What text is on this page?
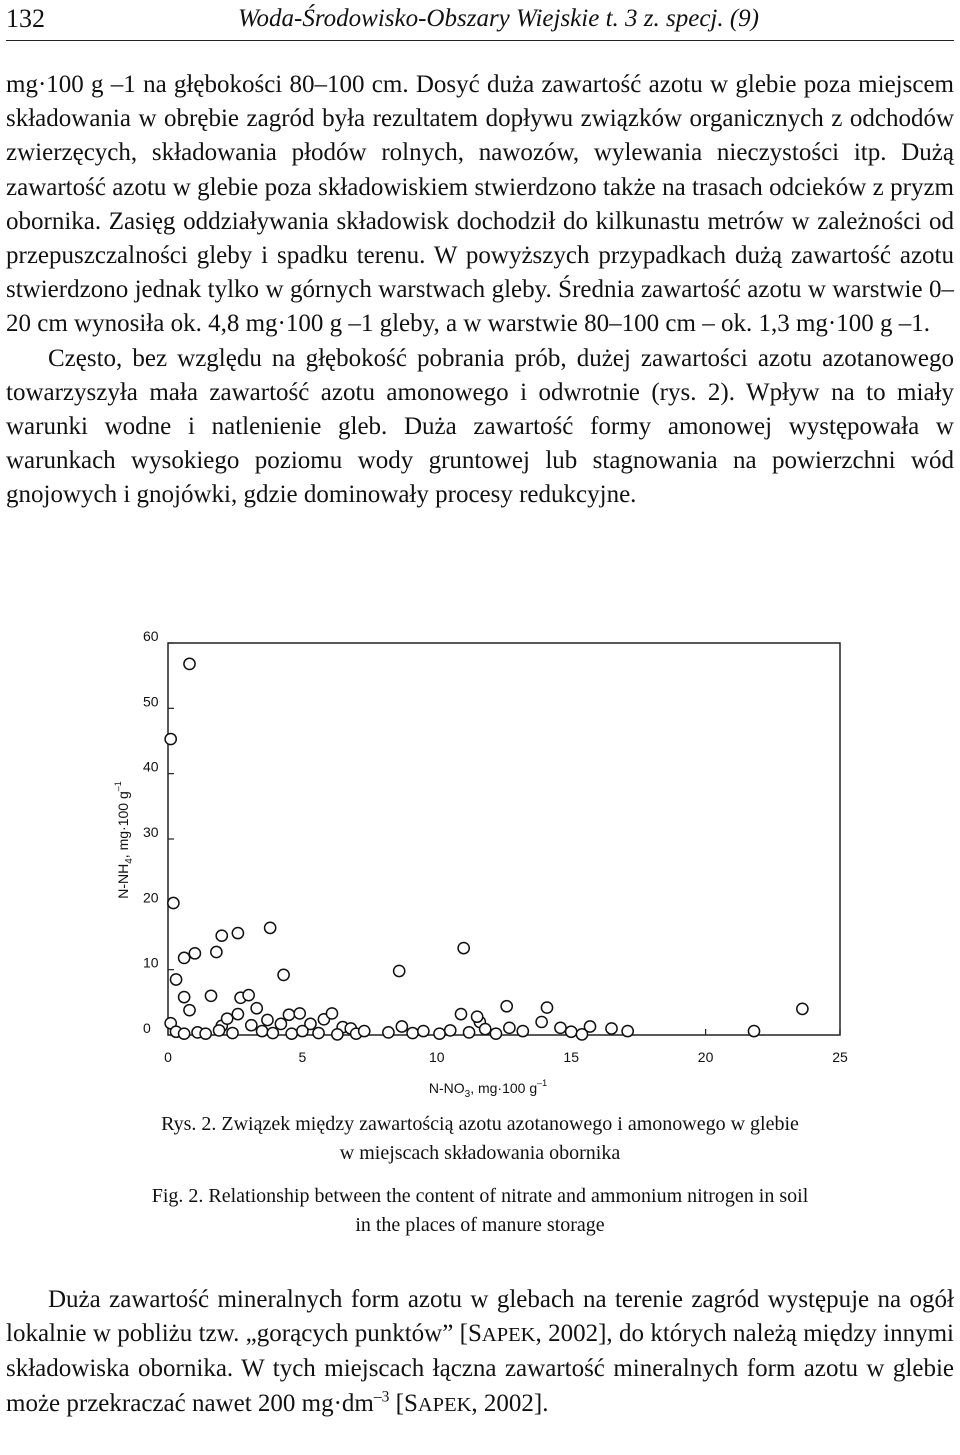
132	Woda-Środowisko-Obszary Wiejskie t. 3 z. specj. (9)

mg·100 g –1 na głębokości 80–100 cm. Dosyć duża zawartość azotu w glebie poza miejscem składowania w obrębie zagród była rezultatem dopływu związków organicznych z odchodów zwierzęcych, składowania płodów rolnych, nawozów, wylewania nieczystości itp. Dużą zawartość azotu w glebie poza składowiskiem stwierdzono także na trasach odcieków z pryzm obornika. Zasięg oddziaływania składowisk dochodził do kilkunastu metrów w zależności od przepuszczalności gleby i spadku terenu. W powyższych przypadkach dużą zawartość azotu stwierdzono jednak tylko w górnych warstwach gleby. Średnia zawartość azotu w warstwie 0–20 cm wynosiła ok. 4,8 mg·100 g –1 gleby, a w warstwie 80–100 cm – ok. 1,3 mg·100 g –1.
Często, bez względu na głębokość pobrania prób, dużej zawartości azotu azotanowego towarzyszyła mała zawartość azotu amonowego i odwrotnie (rys. 2). Wpływ na to miały warunki wodne i natlenienie gleb. Duża zawartość formy amonowej występowała w warunkach wysokiego poziomu wody gruntowej lub stagnowania na powierzchni wód gnojowych i gnojówki, gdzie dominowały procesy redukcyjne.

0
10
20
30
40
50
60
0	5	10	15	20	25
$N-NH_4$, mg·100 $g^{-1}$
$N-NO_3$, mg·100 $g^{-1}$

Rys. 2. Związek między zawartością azotu azotanowego i amonowego w glebie
w miejscach składowania obornika

Fig. 2. Relationship between the content of nitrate and ammonium nitrogen in soil
in the places of manure storage

Duża zawartość mineralnych form azotu w glebach na terenie zagród występuje na ogół lokalnie w pobliżu tzw. „gorących punktów” [SAPEK, 2002], do których należą między innymi składowiska obornika. W tych miejscach łączna zawartość mineralnych form azotu w glebie może przekraczać nawet 200 $mg\cdot dm^{-3}$ [SAPEK, 2002].
